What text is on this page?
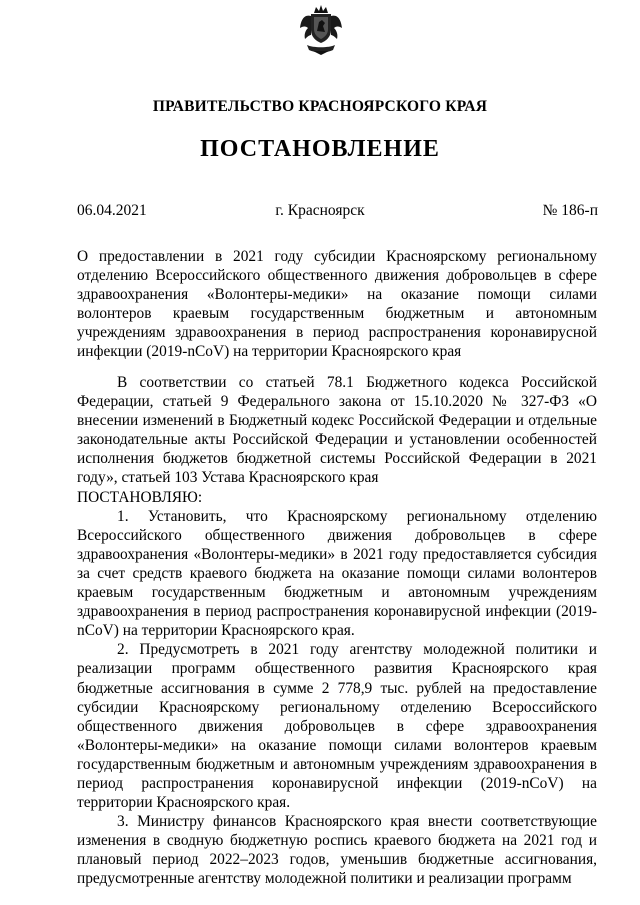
ПРАВИТЕЛЬСТВО КРАСНОЯРСКОГО КРАЯ
ПОСТАНОВЛЕНИЕ
06.04.2021	г. Красноярск	№ 186-п
О предоставлении в 2021 году субсидии Красноярскому региональному отделению Всероссийского общественного движения добровольцев в сфере здравоохранения «Волонтеры-медики» на оказание помощи силами волонтеров краевым государственным бюджетным и автономным учреждениям здравоохранения в период распространения коронавирусной инфекции (2019-nCoV) на территории Красноярского края

В соответствии со статьей 78.1 Бюджетного кодекса Российской Федерации, статьей 9 Федерального закона от 15.10.2020 № 327-ФЗ «О внесении изменений в Бюджетный кодекс Российской Федерации и отдельные законодательные акты Российской Федерации и установлении особенностей исполнения бюджетов бюджетной системы Российской Федерации в 2021 году», статьей 103 Устава Красноярского края

ПОСТАНОВЛЯЮ:

1. Установить, что Красноярскому региональному отделению Всероссийского общественного движения добровольцев в сфере здравоохранения «Волонтеры-медики» в 2021 году предоставляется субсидия за счет средств краевого бюджета на оказание помощи силами волонтеров краевым государственным бюджетным и автономным учреждениям здравоохранения в период распространения коронавирусной инфекции (2019-nCoV) на территории Красноярского края.

2. Предусмотреть в 2021 году агентству молодежной политики и реализации программ общественного развития Красноярского края бюджетные ассигнования в сумме 2 778,9 тыс. рублей на предоставление субсидии Красноярскому региональному отделению Всероссийского общественного движения добровольцев в сфере здравоохранения «Волонтеры-медики» на оказание помощи силами волонтеров краевым государственным бюджетным и автономным учреждениям здравоохранения в период распространения коронавирусной инфекции (2019-nCoV) на территории Красноярского края.

3. Министру финансов Красноярского края внести соответствующие изменения в сводную бюджетную роспись краевого бюджета на 2021 год и плановый период 2022–2023 годов, уменьшив бюджетные ассигнования, предусмотренные агентству молодежной политики и реализации программ
